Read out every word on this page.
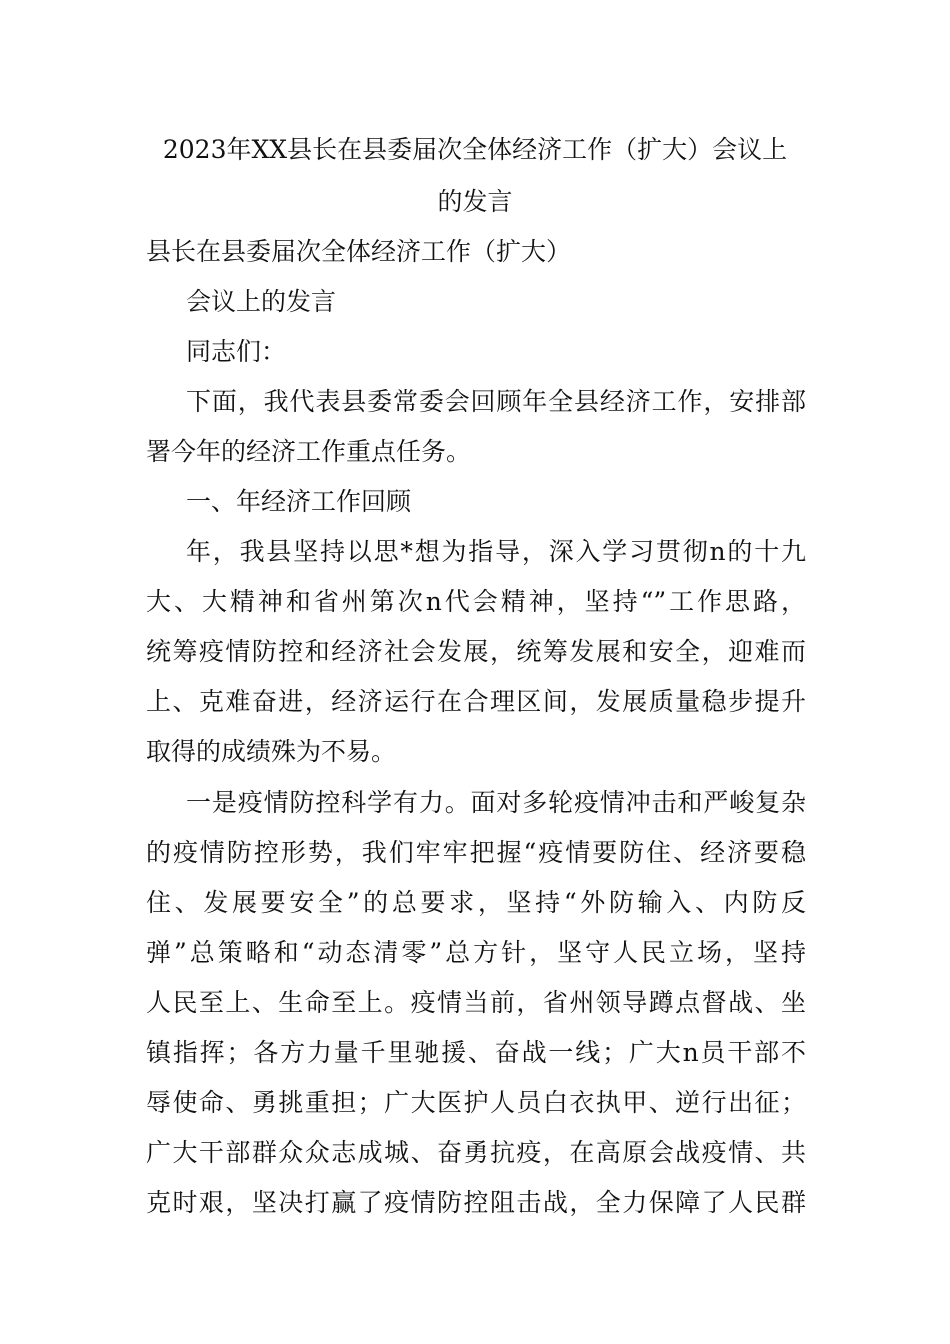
2023年XX县长在县委届次全体经济工作（扩大）会议上
的发言

县长在县委届次全体经济工作（扩大）

会议上的发言

同志们：

下面，我代表县委常委会回顾年全县经济工作，安排部

署今年的经济工作重点任务。

一、年经济工作回顾

年，我县坚持以思*想为指导，深入学习贯彻n的十九

大、大精神和省州第次n代会精神，坚持“”工作思路，

统筹疫情防控和经济社会发展，统筹发展和安全，迎难而

上、克难奋进，经济运行在合理区间，发展质量稳步提升

取得的成绩殊为不易。

一是疫情防控科学有力。面对多轮疫情冲击和严峻复杂

的疫情防控形势，我们牢牢把握“疫情要防住、经济要稳

住、发展要安全”的总要求，坚持“外防输入、内防反

弹”总策略和“动态清零”总方针，坚守人民立场，坚持

人民至上、生命至上。疫情当前，省州领导蹲点督战、坐

镇指挥；各方力量千里驰援、奋战一线；广大n员干部不

辱使命、勇挑重担；广大医护人员白衣执甲、逆行出征；

广大干部群众众志成城、奋勇抗疫，在高原会战疫情、共

克时艰，坚决打赢了疫情防控阻击战，全力保障了人民群
